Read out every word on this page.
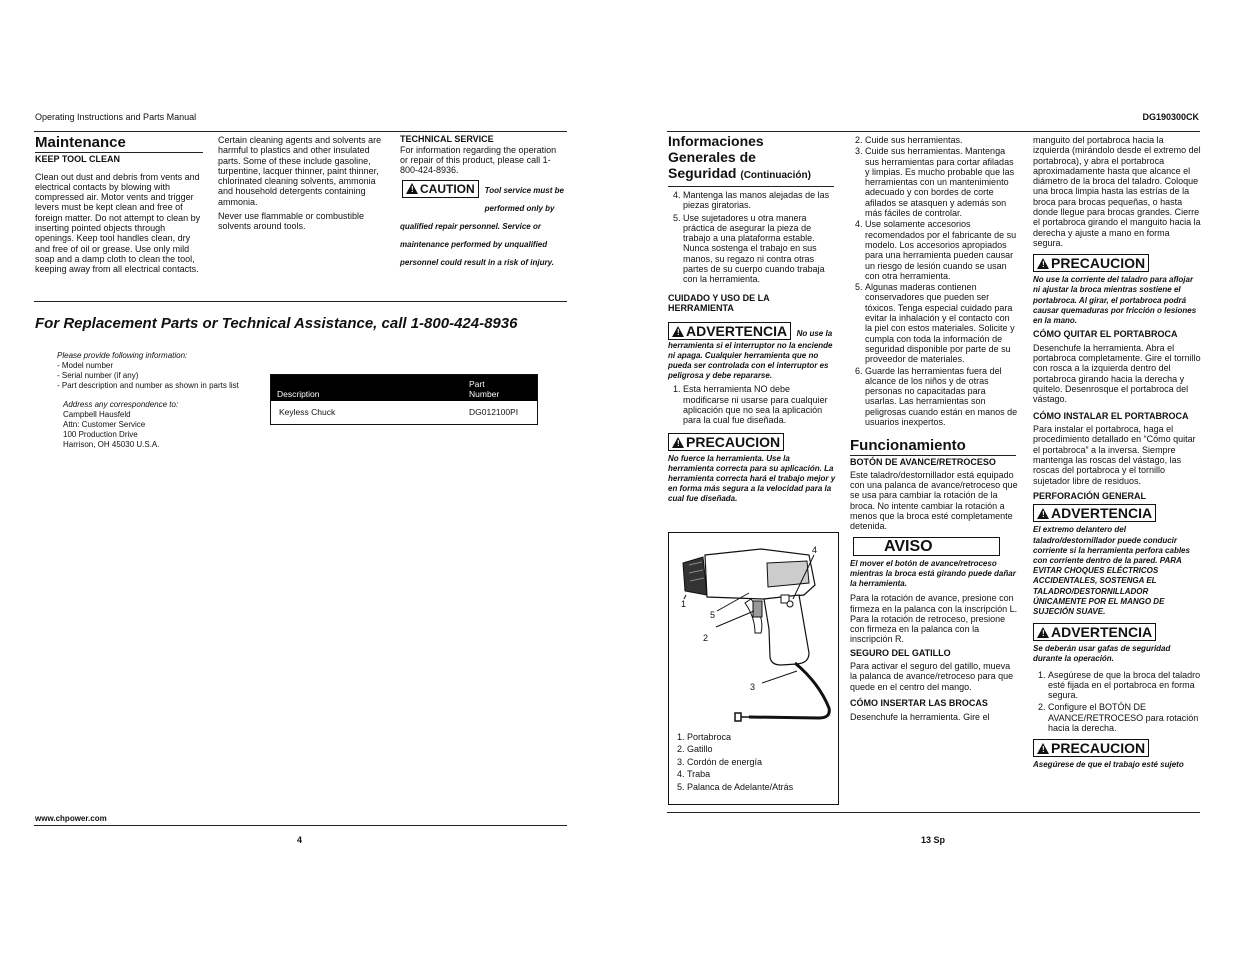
Operating Instructions and Parts Manual	DG190300CK
Maintenance
KEEP TOOL CLEAN
Clean out dust and debris from vents and electrical contacts by blowing with compressed air. Motor vents and trigger levers must be kept clean and free of foreign matter. Do not attempt to clean by inserting pointed objects through openings. Keep tool handles clean, dry and free of oil or grease. Use only mild soap and a damp cloth to clean the tool, keeping away from all electrical contacts.
Certain cleaning agents and solvents are harmful to plastics and other insulated parts. Some of these include gasoline, turpentine, lacquer thinner, paint thinner, chlorinated cleaning solvents, ammonia and household detergents containing ammonia.
Never use flammable or combustible solvents around tools.
TECHNICAL SERVICE
For information regarding the operation or repair of this product, please call 1-800-424-8936.
! CAUTION	Tool service must be performed only by qualified repair personnel. Service or maintenance performed by unqualified personnel could result in a risk of injury.
For Replacement Parts or Technical Assistance, call 1-800-424-8936
Please provide following information:
- Model number
- Serial number (if any)
- Part description and number as shown in parts list
Address any correspondence to:
Campbell Hausfeld
Attn: Customer Service
100 Production Drive
Harrison, OH 45030 U.S.A.
Description	Part
Number

Keyless Chuck	DG012100PI
www.chpower.com
4
Informaciones
Generales de
Seguridad (Continuación)
4. Mantenga las manos alejadas de las piezas giratorias.
5. Use sujetadores u otra manera práctica de asegurar la pieza de trabajo a una plataforma estable. Nunca sostenga el trabajo en sus manos, su regazo ni contra otras partes de su cuerpo cuando trabaja con la herramienta.
CUIDADO Y USO DE LA HERRAMIENTA
! ADVERTENCIA No use la
herramienta si el interruptor no la enciende ni apaga. Cualquier herramienta que no pueda ser controlada con el interruptor es peligrosa y debe repararse.
1. Esta herramienta NO debe modificarse ni usarse para cualquier aplicación que no sea la aplicación para la cual fue diseñada.
! PRECAUCION
No fuerce la herramienta. Use la herramienta correcta para su aplicación. La herramienta correcta hará el trabajo mejor y en forma más segura a la velocidad para la cual fue diseñada.
1
2
3
4
5
1. Portabroca
2. Gatillo
3. Cordón de energía
4. Traba
5. Palanca de Adelante/Atrás
2. Cuide sus herramientas.
3. Cuide sus herramientas. Mantenga sus herramientas para cortar afiladas y limpias. Es mucho probable que las herramientas con un mantenimiento adecuado y con bordes de corte afilados se atasquen y además son más fáciles de controlar.
4. Use solamente accesorios recomendados por el fabricante de su modelo. Los accesorios apropiados para una herramienta pueden causar un riesgo de lesión cuando se usan con otra herramienta.
5. Algunas maderas contienen conservadores que pueden ser tóxicos. Tenga especial cuidado para evitar la inhalación y el contacto con la piel con estos materiales. Solicite y cumpla con toda la información de seguridad disponible por parte de su proveedor de materiales.
6. Guarde las herramientas fuera del alcance de los niños y de otras personas no capacitadas para usarlas. Las herramientas son peligrosas cuando están en manos de usuarios inexpertos.
Funcionamiento
BOTÓN DE AVANCE/RETROCESO
Este taladro/destornillador está equipado con una palanca de avance/retroceso que se usa para cambiar la rotación de la broca. No intente cambiar la rotación a menos que la broca esté completamente detenida.
AVISO
El mover el botón de avance/retroceso mientras la broca está girando puede dañar la herramienta.
Para la rotación de avance, presione con firmeza en la palanca con la inscripción L. Para la rotación de retroceso, presione con firmeza en la palanca con la inscripción R.
SEGURO DEL GATILLO
Para activar el seguro del gatillo, mueva la palanca de avance/retroceso para que quede en el centro del mango.
CÓMO INSERTAR LAS BROCAS
Desenchufe la herramienta. Gire el
manguito del portabroca hacia la izquierda (mirándolo desde el extremo del portabroca), y abra el portabroca aproximadamente hasta que alcance el diámetro de la broca del taladro. Coloque una broca limpia hasta las estrías de la broca para brocas pequeñas, o hasta donde llegue para brocas grandes. Cierre el portabroca girando el manguito hacia la derecha y ajuste a mano en forma segura.
! PRECAUCION
No use la corriente del taladro para aflojar ni ajustar la broca mientras sostiene el portabroca. Al girar, el portabroca podrá causar quemaduras por fricción o lesiones en la mano.
CÓMO QUITAR EL PORTABROCA
Desenchufe la herramienta. Abra el portabroca completamente. Gire el tornillo con rosca a la izquierda dentro del portabroca girando hacia la derecha y quítelo. Desenrosque el portabroca del vástago.
CÓMO INSTALAR EL PORTABROCA
Para instalar el portabroca, haga el procedimiento detallado en “Cómo quitar el portabroca” a la inversa. Siempre mantenga las roscas del vástago, las roscas del portabroca y el tornillo sujetador libre de residuos.
PERFORACIÓN GENERAL
! ADVERTENCIA
El extremo delantero del taladro/destornillador puede conducir corriente si la herramienta perfora cables con corriente dentro de la pared. PARA EVITAR CHOQUES ELÉCTRICOS ACCIDENTALES, SOSTENGA EL TALADRO/DESTORNILLADOR ÚNICAMENTE POR EL MANGO DE SUJECIÓN SUAVE.
! ADVERTENCIA
Se deberán usar gafas de seguridad durante la operación.
1. Asegúrese de que la broca del taladro esté fijada en el portabroca en forma segura.
2. Configure el BOTÓN DE AVANCE/RETROCESO para rotación hacia la derecha.
! PRECAUCION
Asegúrese de que el trabajo esté sujeto
13 Sp
